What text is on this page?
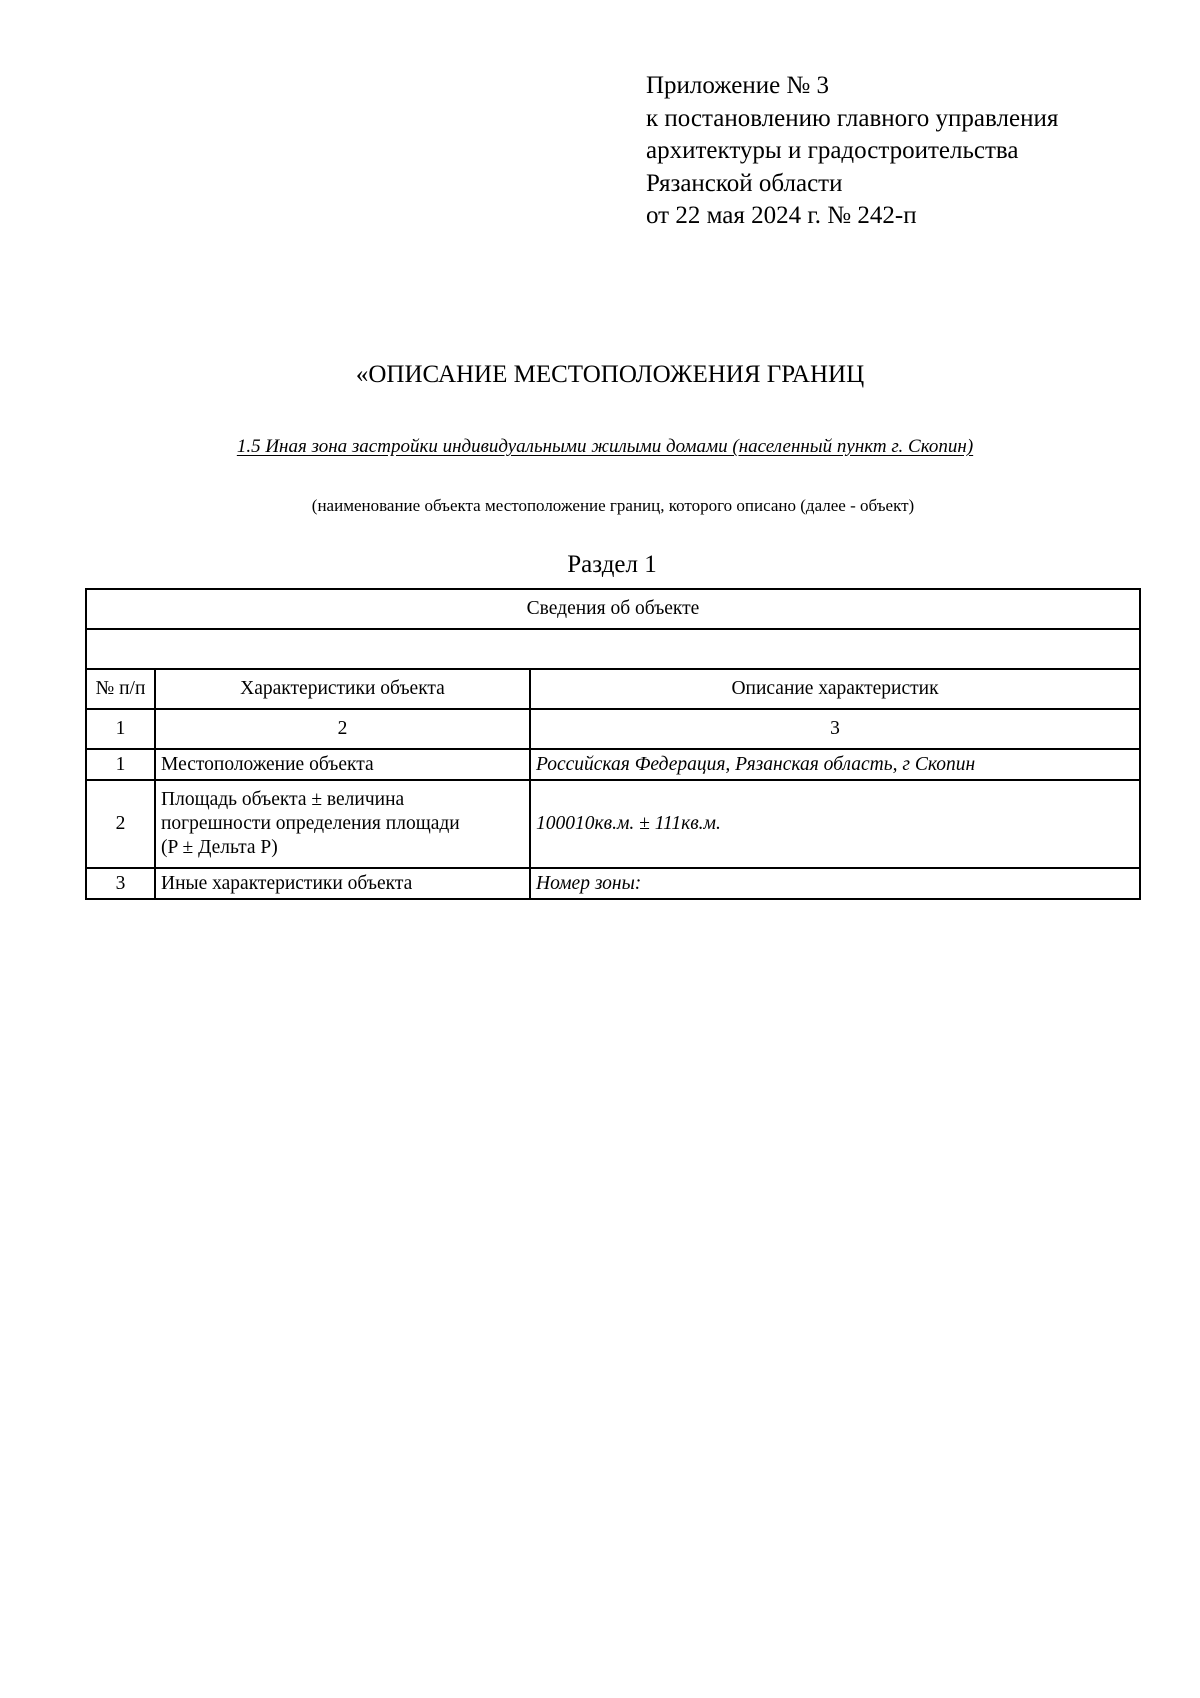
Приложение № 3
к постановлению главного управления
архитектуры и градостроительства
Рязанской области
от 22 мая 2024 г. № 242-п
«ОПИСАНИЕ МЕСТОПОЛОЖЕНИЯ ГРАНИЦ
1.5 Иная зона застройки индивидуальными жилыми домами (населенный пункт г. Скопин)
(наименование объекта местоположение границ, которого описано (далее - объект)
Раздел 1
Сведения об объекте		

№ п/п	Характеристики объекта	Описание характеристик
1	2	3
1	Местоположение объекта	Российская Федерация, Рязанская область, г Скопин
2	Площадь объекта ± величина
погрешности определения площади
(P ± Дельта P)	100010кв.м. ± 111кв.м.
3	Иные характеристики объекта	Номер зоны:
